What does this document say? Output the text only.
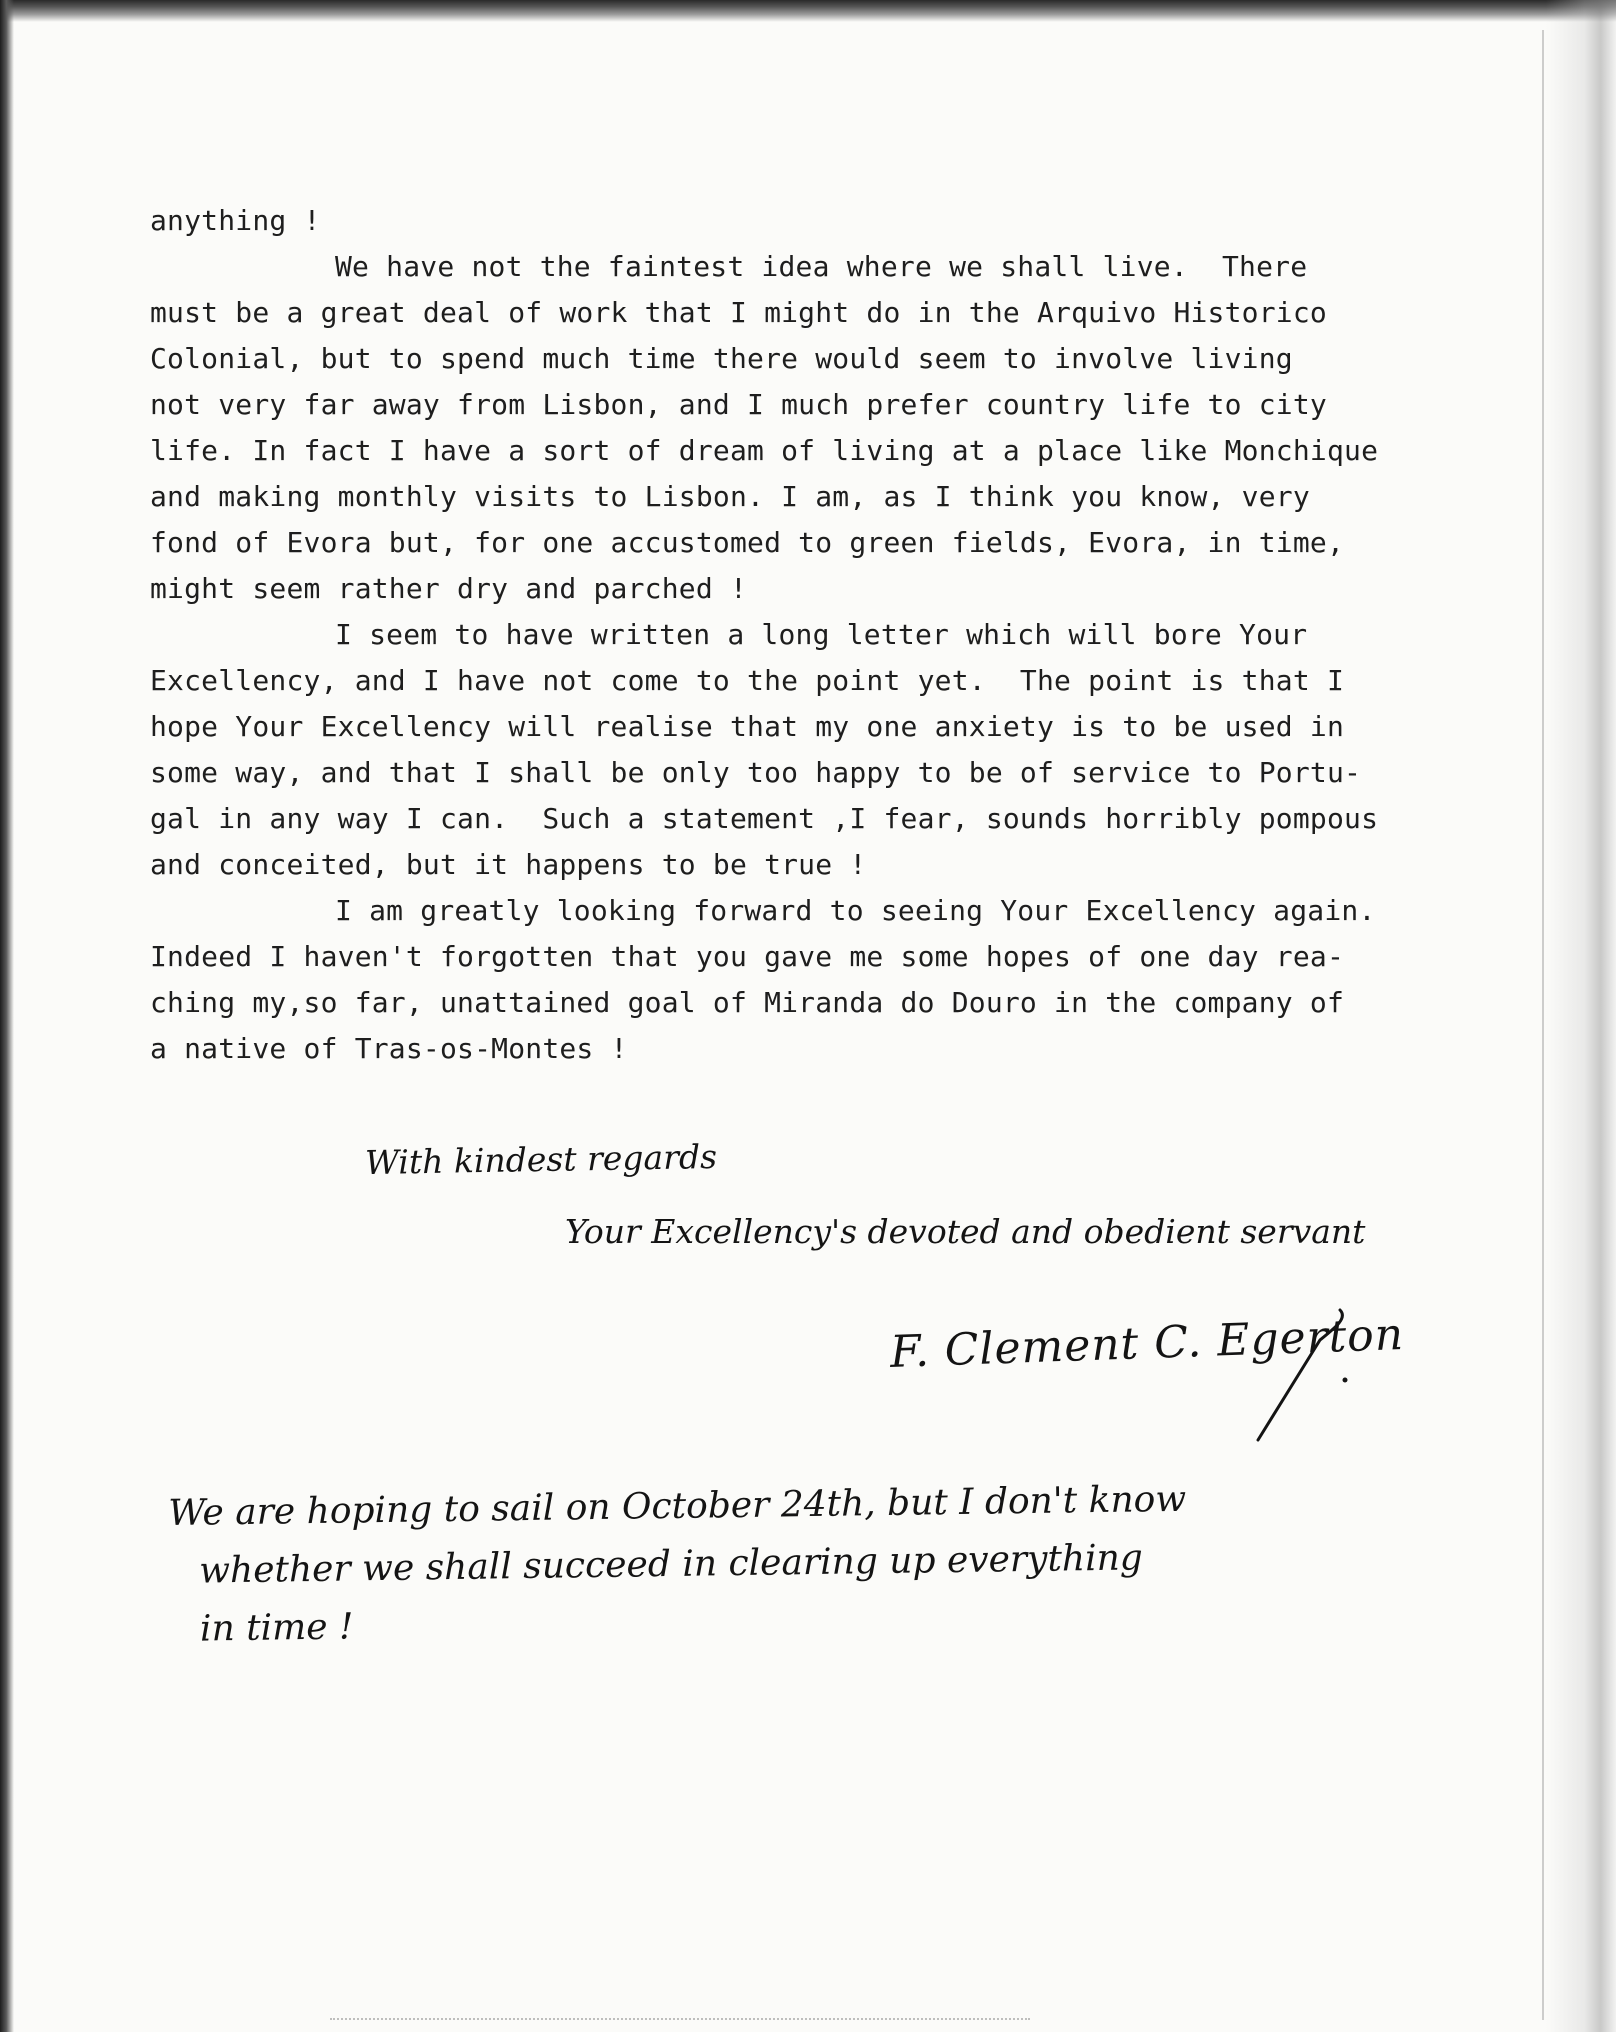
anything !

We have not the faintest idea where we shall live.  There
must be a great deal of work that I might do in the Arquivo Historico
Colonial, but to spend much time there would seem to involve living
not very far away from Lisbon, and I much prefer country life to city
life. In fact I have a sort of dream of living at a place like Monchique
and making monthly visits to Lisbon. I am, as I think you know, very
fond of Evora but, for one accustomed to green fields, Evora, in time,
might seem rather dry and parched !

I seem to have written a long letter which will bore Your
Excellency, and I have not come to the point yet.  The point is that I
hope Your Excellency will realise that my one anxiety is to be used in
some way, and that I shall be only too happy to be of service to Portu-
gal in any way I can.  Such a statement ,I fear, sounds horribly pompous
and conceited, but it happens to be true !

I am greatly looking forward to seeing Your Excellency again.
Indeed I haven't forgotten that you gave me some hopes of one day rea-
ching my,so far, unattained goal of Miranda do Douro in the company of
a native of Tras-os-Montes !

With kindest regards
Your Excellency's devoted and obedient servant
F. Clement C. Egerton

We are hoping to sail on October 24th, but I don't know

whether we shall succeed in clearing up everything

in time !
